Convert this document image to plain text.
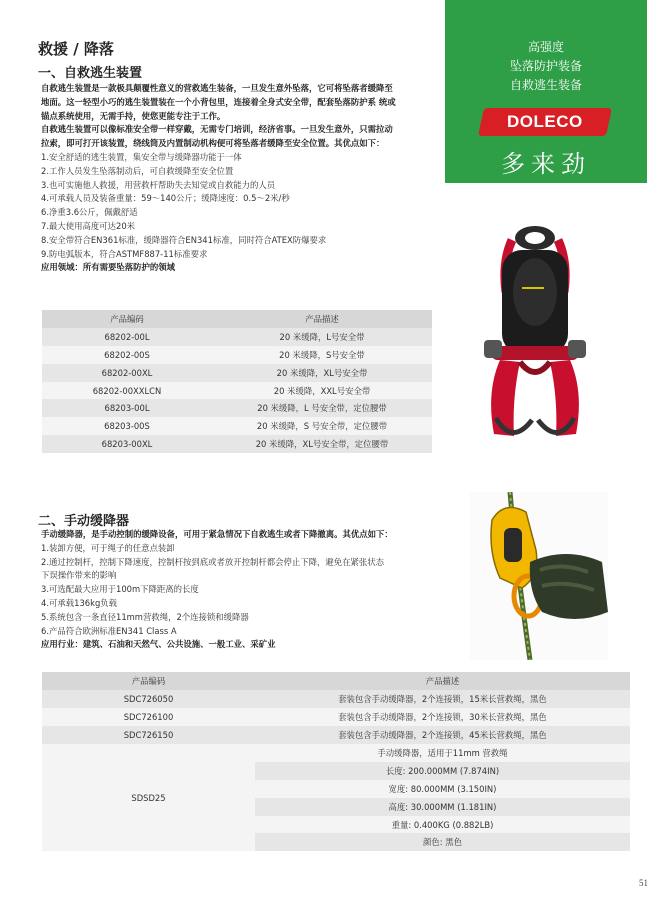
救援 / 降落	高强度
坠落防护装备
自救逃生装备
DOLECO
多来劲
一、自救逃生装置
自救逃生装置是一款极具颠覆性意义的营救逃生装备，一旦发生意外坠落，它可将坠落者缓降至
地面。这一轻型小巧的逃生装置装在一个小背包里，连接着全身式安全带，配套坠落防护系 统或
锚点系统使用，无需手持，使您更能专注于工作。
自救逃生装置可以像标准安全带一样穿戴，无需专门培训，经济省事。一旦发生意外，只需拉动
拉索，即可打开该装置，绕线筒及内置制动机构便可将坠落者缓降至安全位置。其优点如下：
1.安全舒适的逃生装置，集安全带与缓降器功能于一体
2.工作人员发生坠落制动后，可自救缓降至安全位置
3.也可实施他人救援，用营救杆帮助失去知觉或自救能力的人员
4.可承载人员及装备重量：59～140公斤；缓降速度：0.5～2米/秒
6.净重3.6公斤，佩戴舒适
7.最大使用高度可达20米
8.安全带符合EN361标准，缓降器符合EN341标准，同时符合ATEX防爆要求
9.防电弧版本，符合ASTMF887-11标准要求
应用领域：所有需要坠落防护的领域
产品编码	产品描述
68202-00L	20 米缓降，L号安全带
68202-00S	20 米缓降，S号安全带
68202-00XL	20 米缓降，XL号安全带
68202-00XXLCN	20 米缓降，XXL号安全带
68203-00L	20 米缓降，L 号安全带，定位腰带
68203-00S	20 米缓降，S 号安全带，定位腰带
68203-00XL	20 米缓降，XL号安全带，定位腰带
二、手动缓降器
手动缓降器，是手动控制的缓降设备，可用于紧急情况下自救逃生或者下降撤离。其优点如下：
1.装卸方便，可于绳子的任意点装卸
2.通过控制杆，控制下降速度，控制杆按到底或者放开控制杆都会停止下降，避免在紧张状态
下误操作带来的影响
3.可选配最大应用于100m下降距离的长度
4.可承载136kg负载
5.系统包含一条直径11mm营救绳，2个连接锁和缓降器
6.产品符合欧洲标准EN341 Class A
应用行业：建筑、石油和天然气、公共设施、一般工业、采矿业
产品编码	产品描述
SDC726050	套装包含手动缓降器，2个连接锁，15米长营救绳，黑色
SDC726100	套装包含手动缓降器，2个连接锁，30米长营救绳，黑色
SDC726150	套装包含手动缓降器，2个连接锁，45米长营救绳，黑色
SDSD25	手动缓降器，适用于11mm 营救绳
长度: 200.000MM (7.874IN)
宽度: 80.000MM (3.150IN)
高度: 30.000MM (1.181IN)
重量: 0.400KG (0.882LB)
颜色: 黑色
51
